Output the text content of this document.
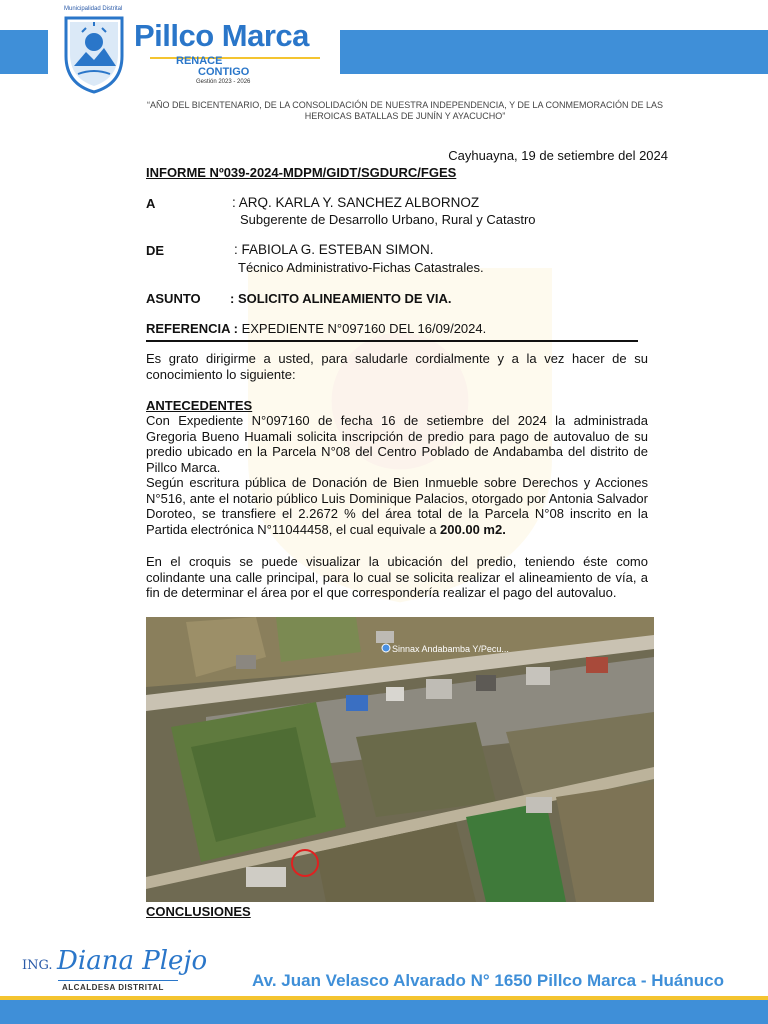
Municipalidad Distrital
Pillco Marca
RENACE
CONTIGO
Gestión 2023 - 2026
“AÑO DEL BICENTENARIO, DE LA CONSOLIDACIÓN DE NUESTRA INDEPENDENCIA, Y DE LA CONMEMORACIÓN DE LAS HEROICAS BATALLAS DE JUNÍN Y AYACUCHO”
Cayhuayna, 19 de setiembre del 2024
INFORME Nº039-2024-MDPM/GIDT/SGDURC/FGES
A	: ARQ. KARLA Y. SANCHEZ ALBORNOZ
Subgerente de Desarrollo Urbano, Rural y Catastro
DE	: FABIOLA G. ESTEBAN SIMON.
Técnico Administrativo-Fichas Catastrales.
ASUNTO : SOLICITO ALINEAMIENTO DE VIA.
REFERENCIA : EXPEDIENTE N°097160 DEL 16/09/2024.
Es grato dirigirme a usted, para saludarle cordialmente y a la vez hacer de su conocimiento lo siguiente:
ANTECEDENTES
Con Expediente N°097160 de fecha 16 de setiembre del 2024 la administrada Gregoria Bueno Huamali solicita inscripción de predio para pago de autovaluo de su predio ubicado en la Parcela N°08 del Centro Poblado de Andabamba del distrito de Pillco Marca.
Según escritura pública de Donación de Bien Inmueble sobre Derechos y Acciones N°516, ante el notario público Luis Dominique Palacios, otorgado por Antonia Salvador Doroteo, se transfiere el 2.2672 % del área total de la Parcela N°08 inscrito en la Partida electrónica N°11044458, el cual equivale a 200.00 m2.
En el croquis se puede visualizar la ubicación del predio, teniendo éste como colindante una calle principal, para lo cual se solicita realizar el alineamiento de vía, a fin de determinar el área por el que correspondería realizar el pago del autovaluo.
Sinnax Andabamba Y/Pecu...
CONCLUSIONES
ING. Diana Plejo
ALCALDESA DISTRITAL	Av. Juan Velasco Alvarado N° 1650 Pillco Marca - Huánuco
